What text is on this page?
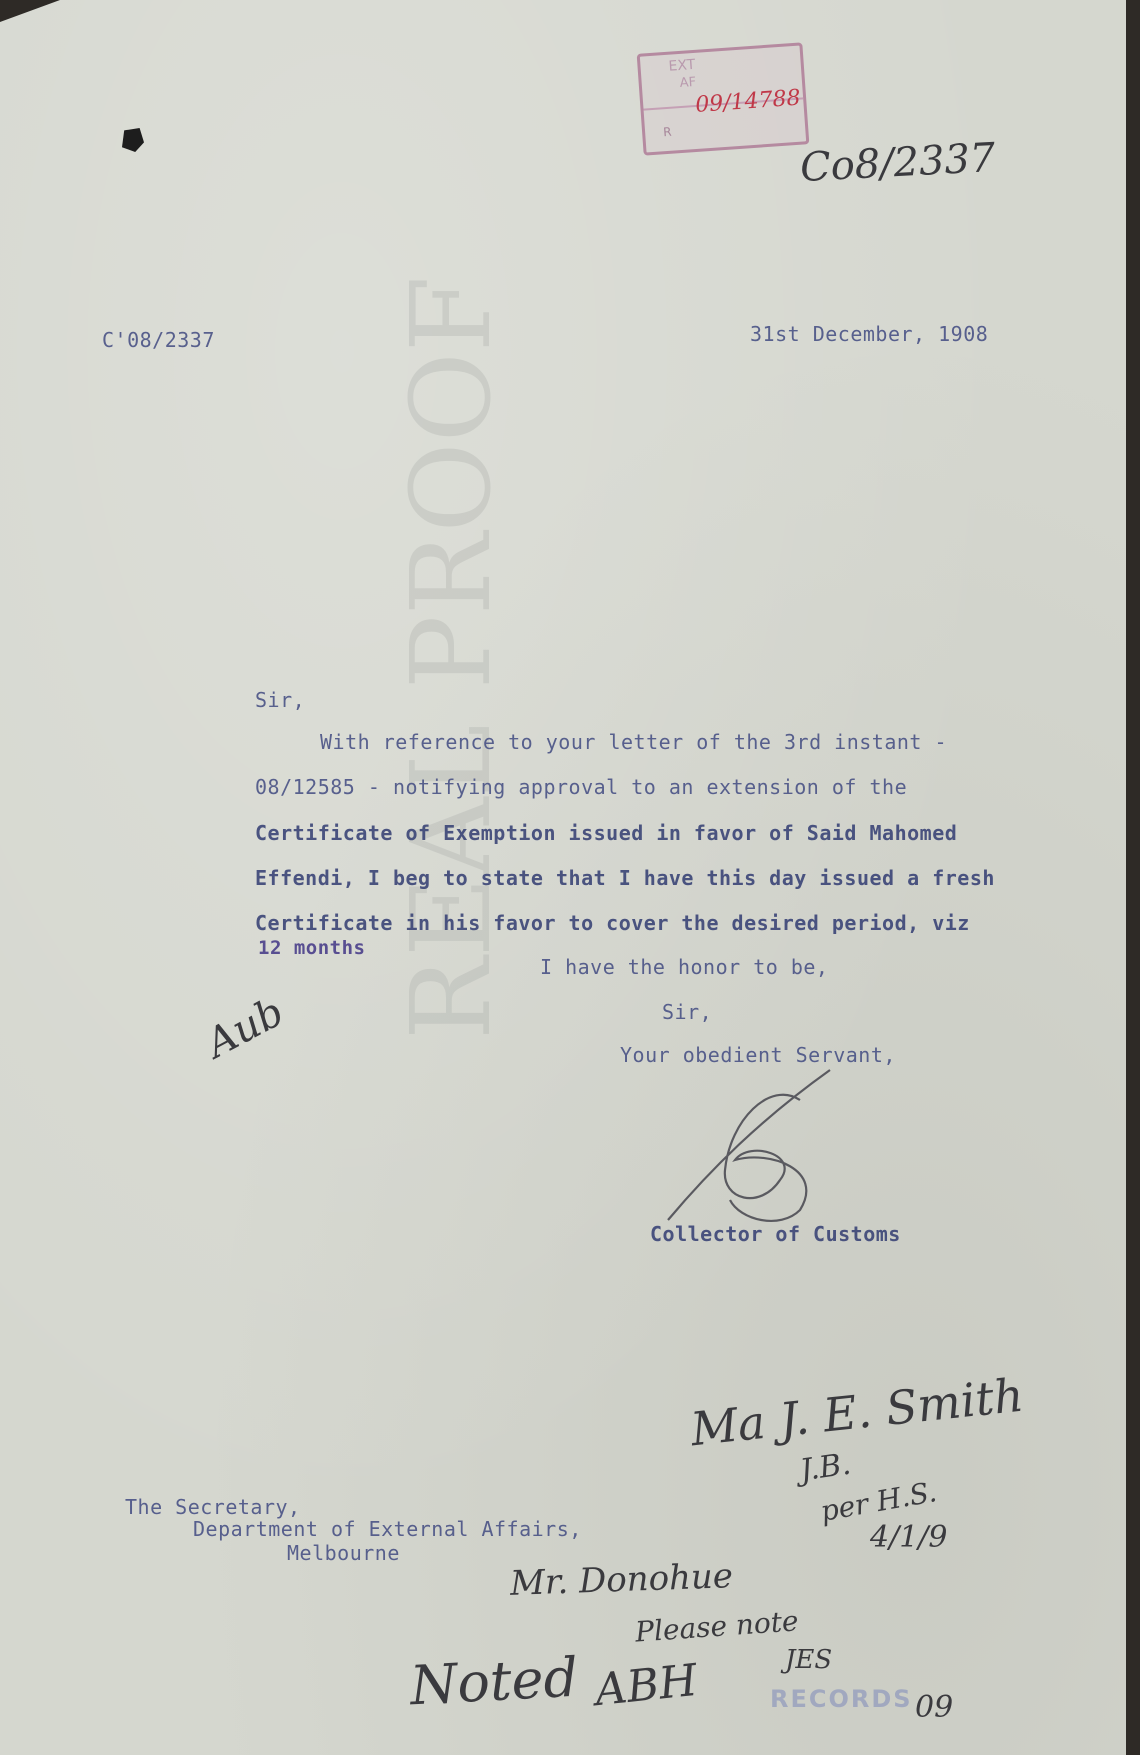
REAL PROOF
EXT
AF
09/14788
R
Co8/2337
C'08/2337	31st December, 1908
Sir,
With reference to your letter of the 3rd instant -
08/12585 - notifying approval to an extension of the
Certificate of Exemption issued in favor of Said Mahomed
Effendi, I beg to state that I have this day issued a fresh
Certificate in his favor to cover the desired period, viz
12 months
I have the honor to be,
Sir,
Your obedient Servant,
Collector of Customs
Aub
The Secretary,
Department of External Affairs,
Melbourne
Ma J. E. Smith
J.B.
per H.S.
4/1/9
Mr. Donohue
Please note
Noted ABH	JES
RECORDS 09
